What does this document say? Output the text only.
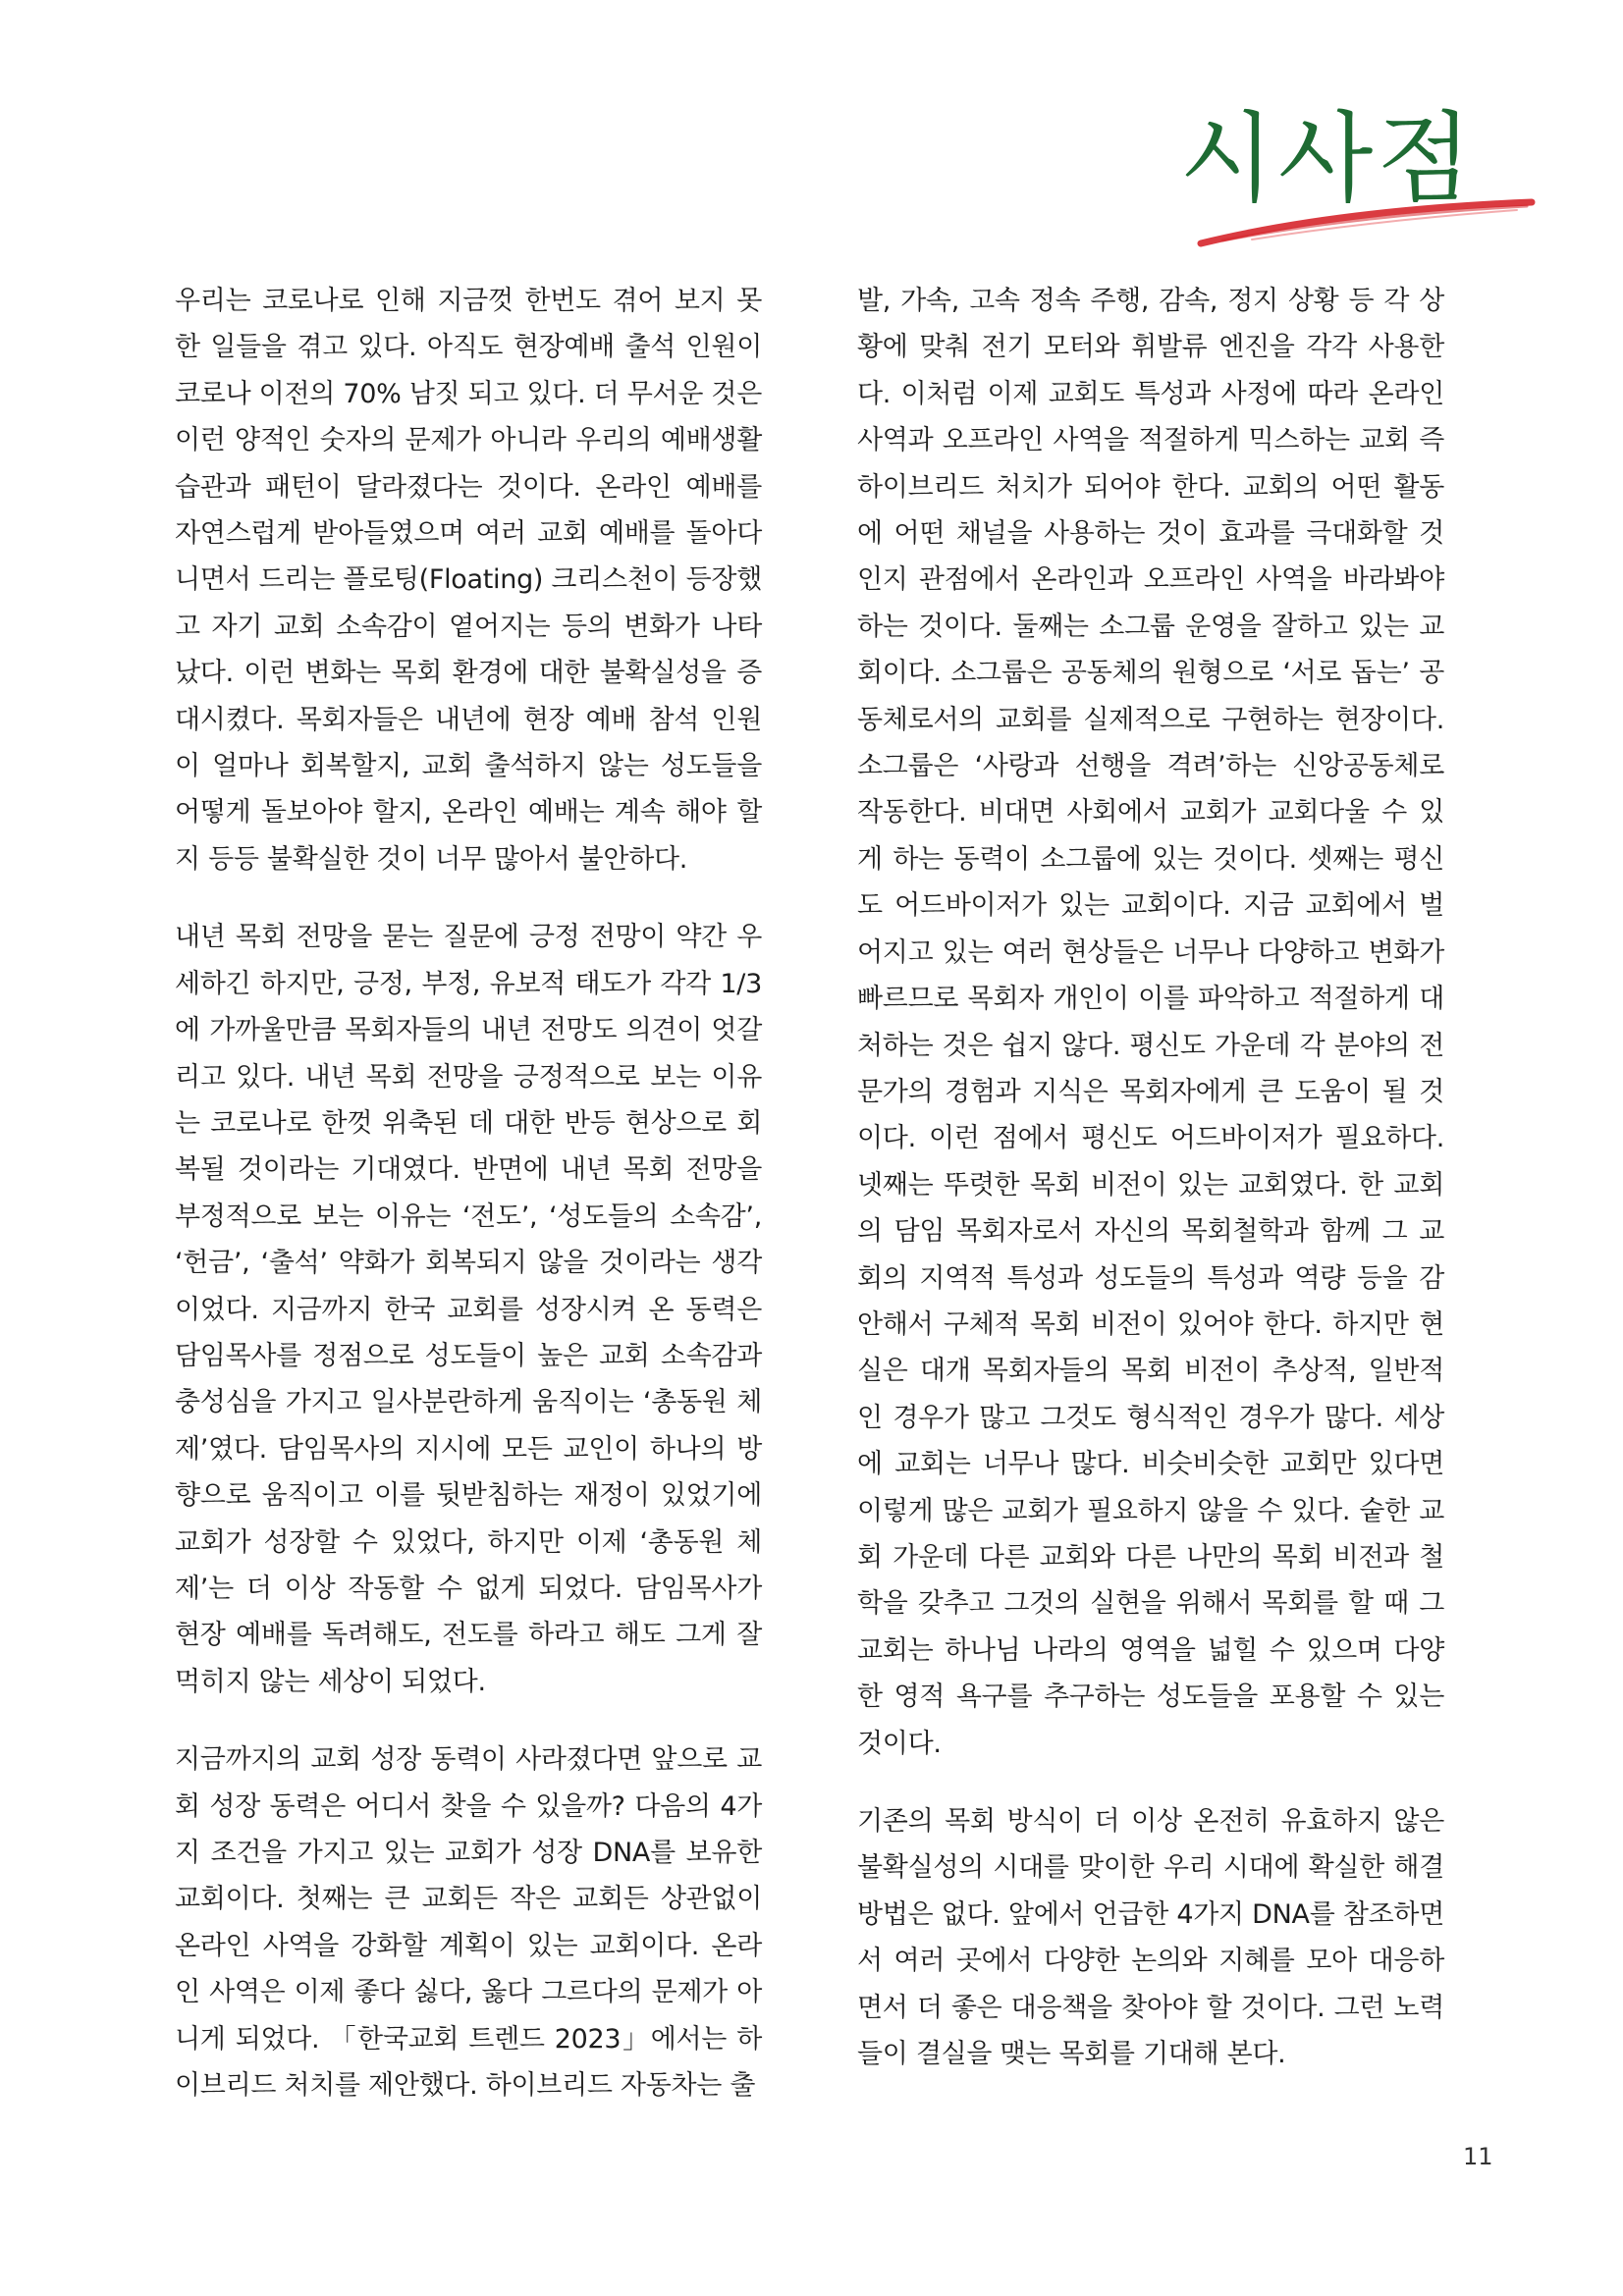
시사점

우리는 코로나로 인해 지금껏 한번도 겪어 보지 못한 일들을 겪고 있다. 아직도 현장예배 출석 인원이 코로나 이전의 70% 남짓 되고 있다. 더 무서운 것은 이런 양적인 숫자의 문제가 아니라 우리의 예배생활 습관과 패턴이 달라졌다는 것이다. 온라인 예배를 자연스럽게 받아들였으며 여러 교회 예배를 돌아다니면서 드리는 플로팅(Floating) 크리스천이 등장했고 자기 교회 소속감이 옅어지는 등의 변화가 나타났다. 이런 변화는 목회 환경에 대한 불확실성을 증대시켰다. 목회자들은 내년에 현장 예배 참석 인원이 얼마나 회복할지, 교회 출석하지 않는 성도들을 어떻게 돌보아야 할지, 온라인 예배는 계속 해야 할지 등등 불확실한 것이 너무 많아서 불안하다.

내년 목회 전망을 묻는 질문에 긍정 전망이 약간 우세하긴 하지만, 긍정, 부정, 유보적 태도가 각각 1/3에 가까울만큼 목회자들의 내년 전망도 의견이 엇갈리고 있다. 내년 목회 전망을 긍정적으로 보는 이유는 코로나로 한껏 위축된 데 대한 반등 현상으로 회복될 것이라는 기대였다. 반면에 내년 목회 전망을 부정적으로 보는 이유는 ‘전도’, ‘성도들의 소속감’, ‘헌금’, ‘출석’ 약화가 회복되지 않을 것이라는 생각이었다. 지금까지 한국 교회를 성장시켜 온 동력은 담임목사를 정점으로 성도들이 높은 교회 소속감과 충성심을 가지고 일사분란하게 움직이는 ‘총동원 체제’였다. 담임목사의 지시에 모든 교인이 하나의 방향으로 움직이고 이를 뒷받침하는 재정이 있었기에 교회가 성장할 수 있었다, 하지만 이제 ‘총동원 체제’는 더 이상 작동할 수 없게 되었다. 담임목사가 현장 예배를 독려해도, 전도를 하라고 해도 그게 잘 먹히지 않는 세상이 되었다.

지금까지의 교회 성장 동력이 사라졌다면 앞으로 교회 성장 동력은 어디서 찾을 수 있을까? 다음의 4가지 조건을 가지고 있는 교회가 성장 DNA를 보유한 교회이다. 첫째는 큰 교회든 작은 교회든 상관없이 온라인 사역을 강화할 계획이 있는 교회이다. 온라인 사역은 이제 좋다 싫다, 옳다 그르다의 문제가 아니게 되었다. 「한국교회 트렌드 2023」에서는 하이브리드 처치를 제안했다. 하이브리드 자동차는 출

발, 가속, 고속 정속 주행, 감속, 정지 상황 등 각 상황에 맞춰 전기 모터와 휘발류 엔진을 각각 사용한다. 이처럼 이제 교회도 특성과 사정에 따라 온라인 사역과 오프라인 사역을 적절하게 믹스하는 교회 즉 하이브리드 처치가 되어야 한다. 교회의 어떤 활동에 어떤 채널을 사용하는 것이 효과를 극대화할 것인지 관점에서 온라인과 오프라인 사역을 바라봐야 하는 것이다. 둘째는 소그룹 운영을 잘하고 있는 교회이다. 소그룹은 공동체의 원형으로 ‘서로 돕는’ 공동체로서의 교회를 실제적으로 구현하는 현장이다. 소그룹은 ‘사랑과 선행을 격려’하는 신앙공동체로 작동한다. 비대면 사회에서 교회가 교회다울 수 있게 하는 동력이 소그룹에 있는 것이다. 셋째는 평신도 어드바이저가 있는 교회이다. 지금 교회에서 벌어지고 있는 여러 현상들은 너무나 다양하고 변화가 빠르므로 목회자 개인이 이를 파악하고 적절하게 대처하는 것은 쉽지 않다. 평신도 가운데 각 분야의 전문가의 경험과 지식은 목회자에게 큰 도움이 될 것이다. 이런 점에서 평신도 어드바이저가 필요하다. 넷째는 뚜렷한 목회 비전이 있는 교회였다. 한 교회의 담임 목회자로서 자신의 목회철학과 함께 그 교회의 지역적 특성과 성도들의 특성과 역량 등을 감안해서 구체적 목회 비전이 있어야 한다. 하지만 현실은 대개 목회자들의 목회 비전이 추상적, 일반적인 경우가 많고 그것도 형식적인 경우가 많다. 세상에 교회는 너무나 많다. 비슷비슷한 교회만 있다면 이렇게 많은 교회가 필요하지 않을 수 있다. 숱한 교회 가운데 다른 교회와 다른 나만의 목회 비전과 철학을 갖추고 그것의 실현을 위해서 목회를 할 때 그 교회는 하나님 나라의 영역을 넓힐 수 있으며 다양한 영적 욕구를 추구하는 성도들을 포용할 수 있는 것이다.

기존의 목회 방식이 더 이상 온전히 유효하지 않은 불확실성의 시대를 맞이한 우리 시대에 확실한 해결방법은 없다. 앞에서 언급한 4가지 DNA를 참조하면서 여러 곳에서 다양한 논의와 지혜를 모아 대응하면서 더 좋은 대응책을 찾아야 할 것이다. 그런 노력들이 결실을 맺는 목회를 기대해 본다.

11
